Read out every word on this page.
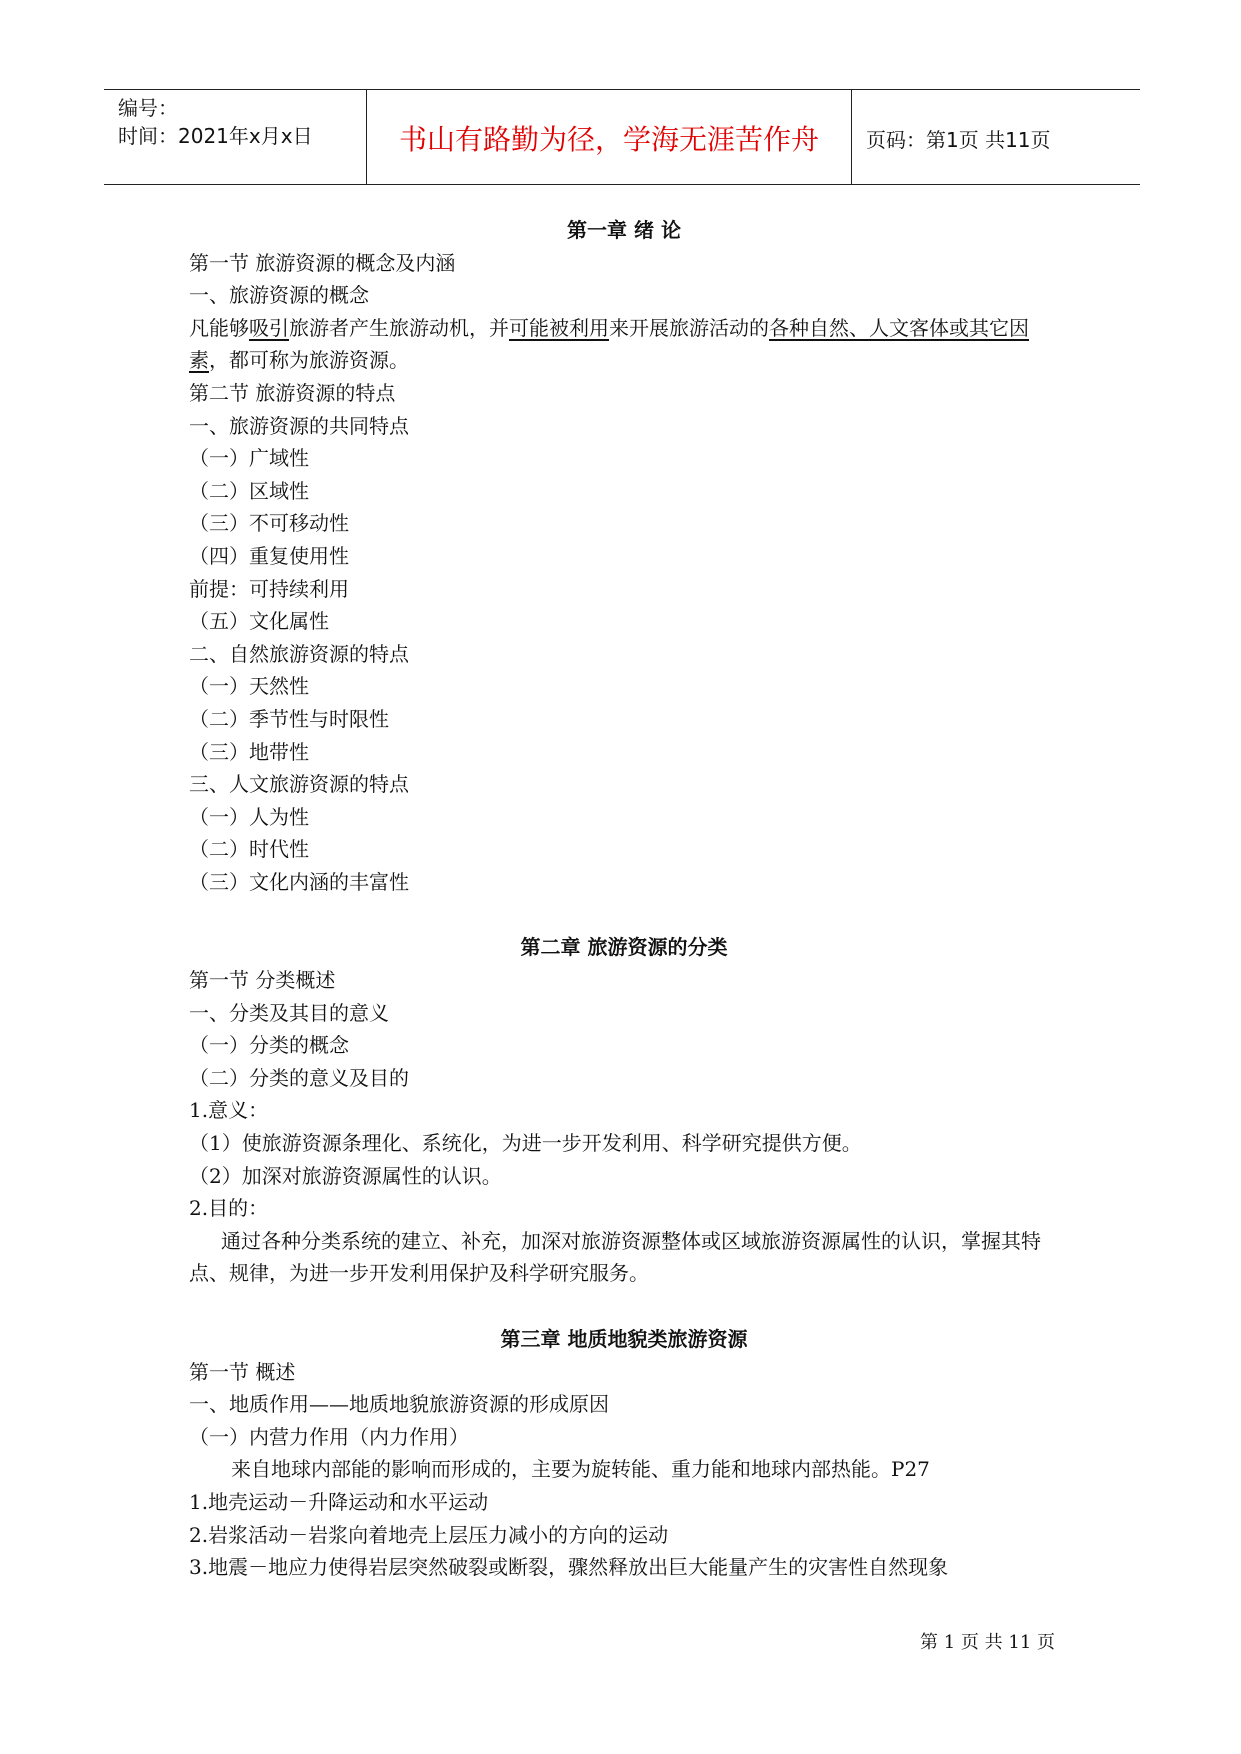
编号：
时间：2021年x月x日	书山有路勤为径，学海无涯苦作舟	页码：第1页 共11页

第一章 绪 论

第一节 旅游资源的概念及内涵

一、旅游资源的概念

凡能够吸引旅游者产生旅游动机，并可能被利用来开展旅游活动的各种自然、人文客体或其它因素，都可称为旅游资源。

第二节 旅游资源的特点

一、旅游资源的共同特点

（一）广域性

（二）区域性

（三）不可移动性

（四）重复使用性

前提：可持续利用

（五）文化属性

二、自然旅游资源的特点

（一）天然性

（二）季节性与时限性

（三）地带性

三、人文旅游资源的特点

（一）人为性

（二）时代性

（三）文化内涵的丰富性

第二章 旅游资源的分类

第一节 分类概述

一、分类及其目的意义

（一）分类的概念

（二）分类的意义及目的

1.意义：

（1）使旅游资源条理化、系统化，为进一步开发利用、科学研究提供方便。

（2）加深对旅游资源属性的认识。

2.目的：

通过各种分类系统的建立、补充，加深对旅游资源整体或区域旅游资源属性的认识，掌握其特点、规律，为进一步开发利用保护及科学研究服务。

第三章 地质地貌类旅游资源

第一节 概述

一、地质作用——地质地貌旅游资源的形成原因

（一）内营力作用（内力作用）

来自地球内部能的影响而形成的，主要为旋转能、重力能和地球内部热能。P27

1.地壳运动－升降运动和水平运动

2.岩浆活动－岩浆向着地壳上层压力减小的方向的运动

3.地震－地应力使得岩层突然破裂或断裂，骤然释放出巨大能量产生的灾害性自然现象

第 1 页 共 11 页
